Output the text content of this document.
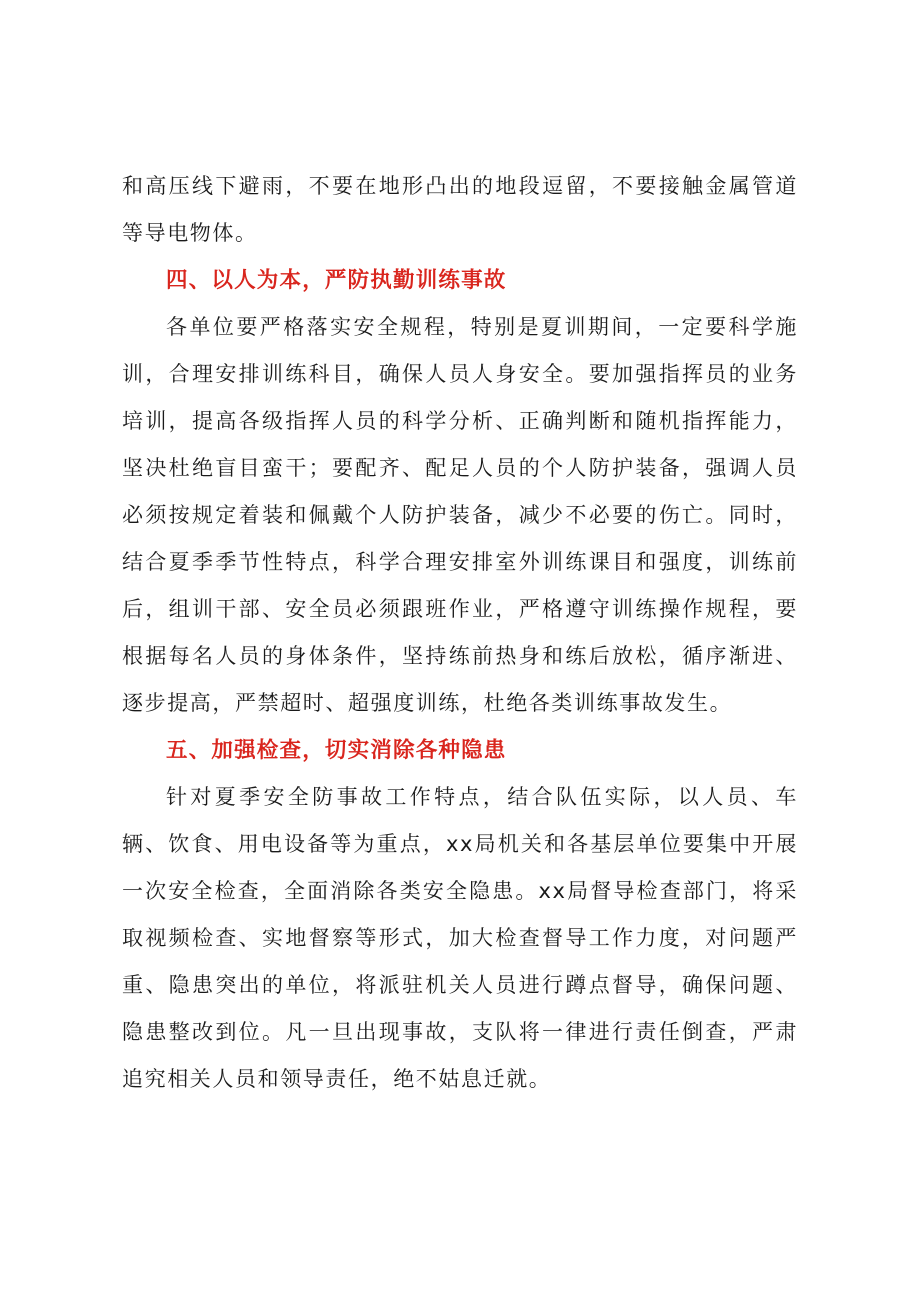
和高压线下避雨，不要在地形凸出的地段逗留，不要接触金属管道等导电物体。

四、以人为本，严防执勤训练事故

各单位要严格落实安全规程，特别是夏训期间，一定要科学施训，合理安排训练科目，确保人员人身安全。要加强指挥员的业务培训，提高各级指挥人员的科学分析、正确判断和随机指挥能力，坚决杜绝盲目蛮干；要配齐、配足人员的个人防护装备，强调人员必须按规定着装和佩戴个人防护装备，减少不必要的伤亡。同时，结合夏季季节性特点，科学合理安排室外训练课目和强度，训练前后，组训干部、安全员必须跟班作业，严格遵守训练操作规程，要根据每名人员的身体条件，坚持练前热身和练后放松，循序渐进、逐步提高，严禁超时、超强度训练，杜绝各类训练事故发生。

五、加强检查，切实消除各种隐患

针对夏季安全防事故工作特点，结合队伍实际，以人员、车辆、饮食、用电设备等为重点，xx局机关和各基层单位要集中开展一次安全检查，全面消除各类安全隐患。xx局督导检查部门，将采取视频检查、实地督察等形式，加大检查督导工作力度，对问题严重、隐患突出的单位，将派驻机关人员进行蹲点督导，确保问题、隐患整改到位。凡一旦出现事故，支队将一律进行责任倒查，严肃追究相关人员和领导责任，绝不姑息迁就。
